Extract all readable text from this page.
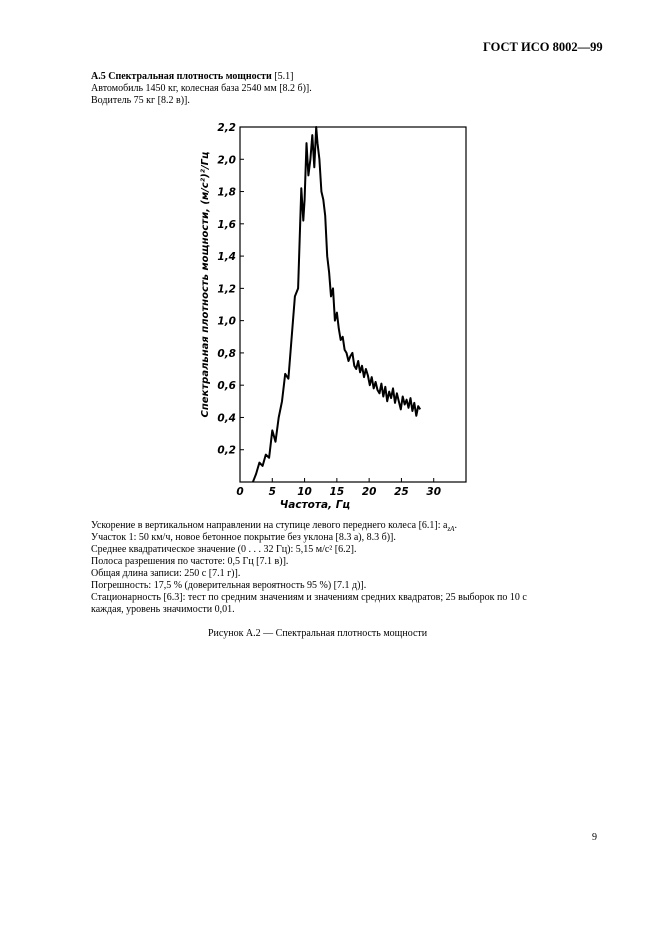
ГОСТ ИСО 8002—99
А.5 Спектральная плотность мощности [5.1]
Автомобиль 1450 кг, колесная база 2540 мм [8.2 б)].
Водитель 75 кг [8.2 в)].
0 5 10 15 20 25 30
0,2
0,4
0,6
0,8
1,0
1,2
1,4
1,6
1,8
2,0
2,2
Частота, Гц
Спектральная плотность мощности, (м/с²)²/Гц
Ускорение в вертикальном направлении на ступице левого переднего колеса [6.1]: $a_{zA}$.
Участок 1: 50 км/ч, новое бетонное покрытие без уклона [8.3 а), 8.3 б)].
Среднее квадратическое значение (0 . . . 32 Гц): 5,15 м/с² [6.2].
Полоса разрешения по частоте: 0,5 Гц [7.1 в)].
Общая длина записи: 250 с [7.1 г)].
Погрешность: 17,5 % (доверительная вероятность 95 %) [7.1 д)].
Стационарность [6.3]: тест по средним значениям и значениям средних квадратов; 25 выборок по 10 с
каждая, уровень значимости 0,01.
Рисунок А.2 — Спектральная плотность мощности
9
